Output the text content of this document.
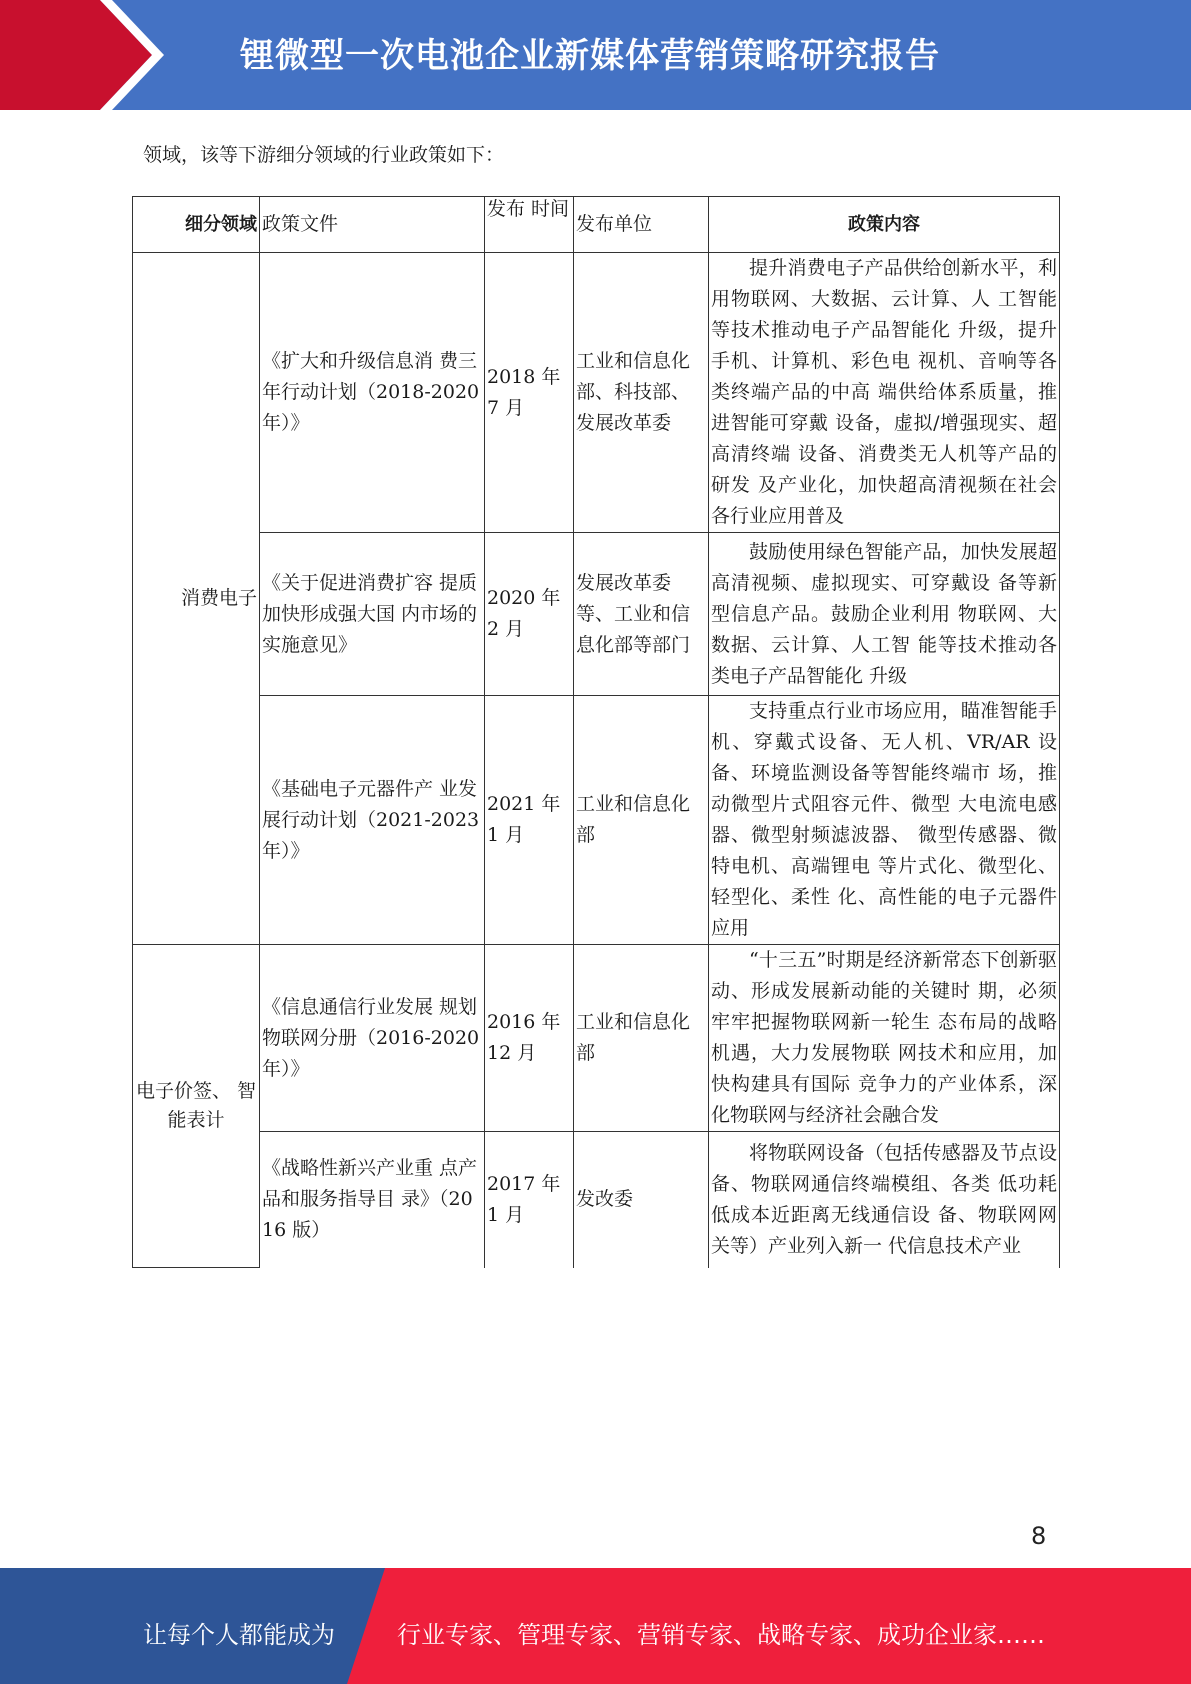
锂微型一次电池企业新媒体营销策略研究报告
领域，该等下游细分领域的行业政策如下：
细分领域	政策文件	发布 时间	发布单位	政策内容
消费电子	《扩大和升级信息消 费三年行动计划（2018-2020 年）》	2018 年 7 月	工业和信息化部、科技部、发展改革委	提升消费电子产品供给创新水平，利用物联网、大数据、云计算、人 工智能等技术推动电子产品智能化 升级，提升手机、计算机、彩色电 视机、音响等各类终端产品的中高 端供给体系质量，推进智能可穿戴 设备，虚拟/增强现实、超高清终端 设备、消费类无人机等产品的研发 及产业化，加快超高清视频在社会 各行业应用普及
	《关于促进消费扩容 提质加快形成强大国 内市场的实施意见》	2020 年 2 月	发展改革委等、工业和信息化部等部门	鼓励使用绿色智能产品，加快发展超高清视频、虚拟现实、可穿戴设 备等新型信息产品。鼓励企业利用 物联网、大数据、云计算、人工智 能等技术推动各类电子产品智能化 升级
	《基础电子元器件产 业发展行动计划（2021-2023 年）》	2021 年 1 月	工业和信息化部	支持重点行业市场应用，瞄准智能手机、穿戴式设备、无人机、VR/AR 设备、环境监测设备等智能终端市 场，推动微型片式阻容元件、微型 大电流电感器、微型射频滤波器、 微型传感器、微特电机、高端锂电 等片式化、微型化、轻型化、柔性 化、高性能的电子元器件应用
电子价签、 智能表计	《信息通信行业发展 规划物联网分册（2016-2020 年）》	2016 年 12 月	工业和信息化部	“十三五”时期是经济新常态下创新驱动、形成发展新动能的关键时 期，必须牢牢把握物联网新一轮生 态布局的战略机遇，大力发展物联 网技术和应用，加快构建具有国际 竞争力的产业体系，深化物联网与经济社会融合发
	《战略性新兴产业重 点产品和服务指导目 录》（2016 版）	2017 年 1 月	发改委	将物联网设备（包括传感器及节点设备、物联网通信终端模组、各类 低功耗低成本近距离无线通信设 备、物联网网关等）产业列入新一 代信息技术产业
8
让每个人都能成为	行业专家、管理专家、营销专家、战略专家、成功企业家……
